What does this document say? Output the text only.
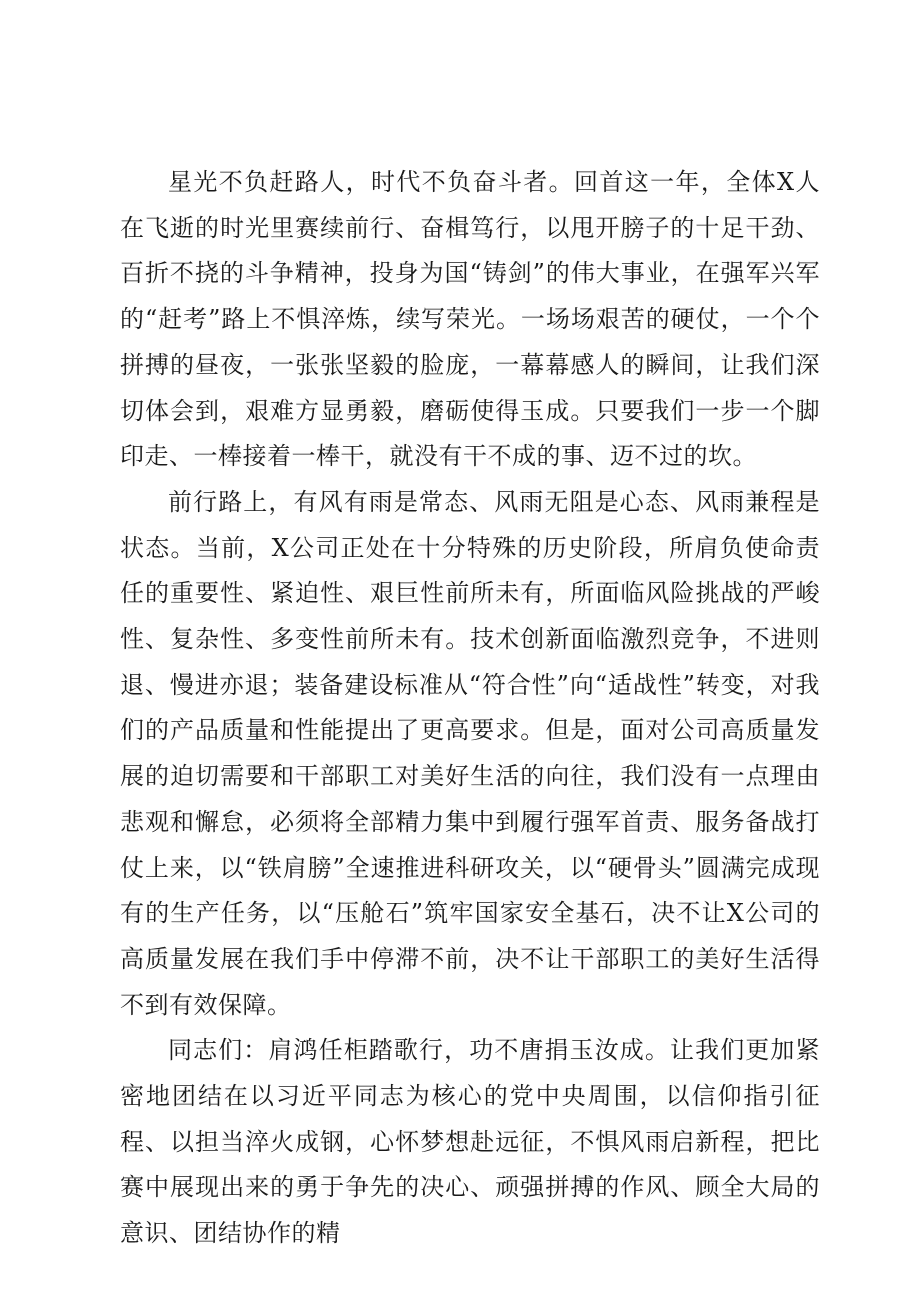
星光不负赶路人，时代不负奋斗者。回首这一年，全体X人在飞逝的时光里赛续前行、奋楫笃行，以甩开膀子的十足干劲、百折不挠的斗争精神，投身为国“铸剑”的伟大事业，在强军兴军的“赶考”路上不惧淬炼，续写荣光。一场场艰苦的硬仗，一个个拼搏的昼夜，一张张坚毅的脸庞，一幕幕感人的瞬间，让我们深切体会到，艰难方显勇毅，磨砺使得玉成。只要我们一步一个脚印走、一棒接着一棒干，就没有干不成的事、迈不过的坎。

前行路上，有风有雨是常态、风雨无阻是心态、风雨兼程是状态。当前，X公司正处在十分特殊的历史阶段，所肩负使命责任的重要性、紧迫性、艰巨性前所未有，所面临风险挑战的严峻性、复杂性、多变性前所未有。技术创新面临激烈竞争，不进则退、慢进亦退；装备建设标准从“符合性”向“适战性”转变，对我们的产品质量和性能提出了更高要求。但是，面对公司高质量发展的迫切需要和干部职工对美好生活的向往，我们没有一点理由悲观和懈怠，必须将全部精力集中到履行强军首责、服务备战打仗上来，以“铁肩膀”全速推进科研攻关，以“硬骨头”圆满完成现有的生产任务，以“压舱石”筑牢国家安全基石，决不让X公司的高质量发展在我们手中停滞不前，决不让干部职工的美好生活得不到有效保障。

同志们：肩鸿任柜踏歌行，功不唐捐玉汝成。让我们更加紧密地团结在以习近平同志为核心的党中央周围，以信仰指引征程、以担当淬火成钢，心怀梦想赴远征，不惧风雨启新程，把比赛中展现出来的勇于争先的决心、顽强拼搏的作风、顾全大局的意识、团结协作的精
